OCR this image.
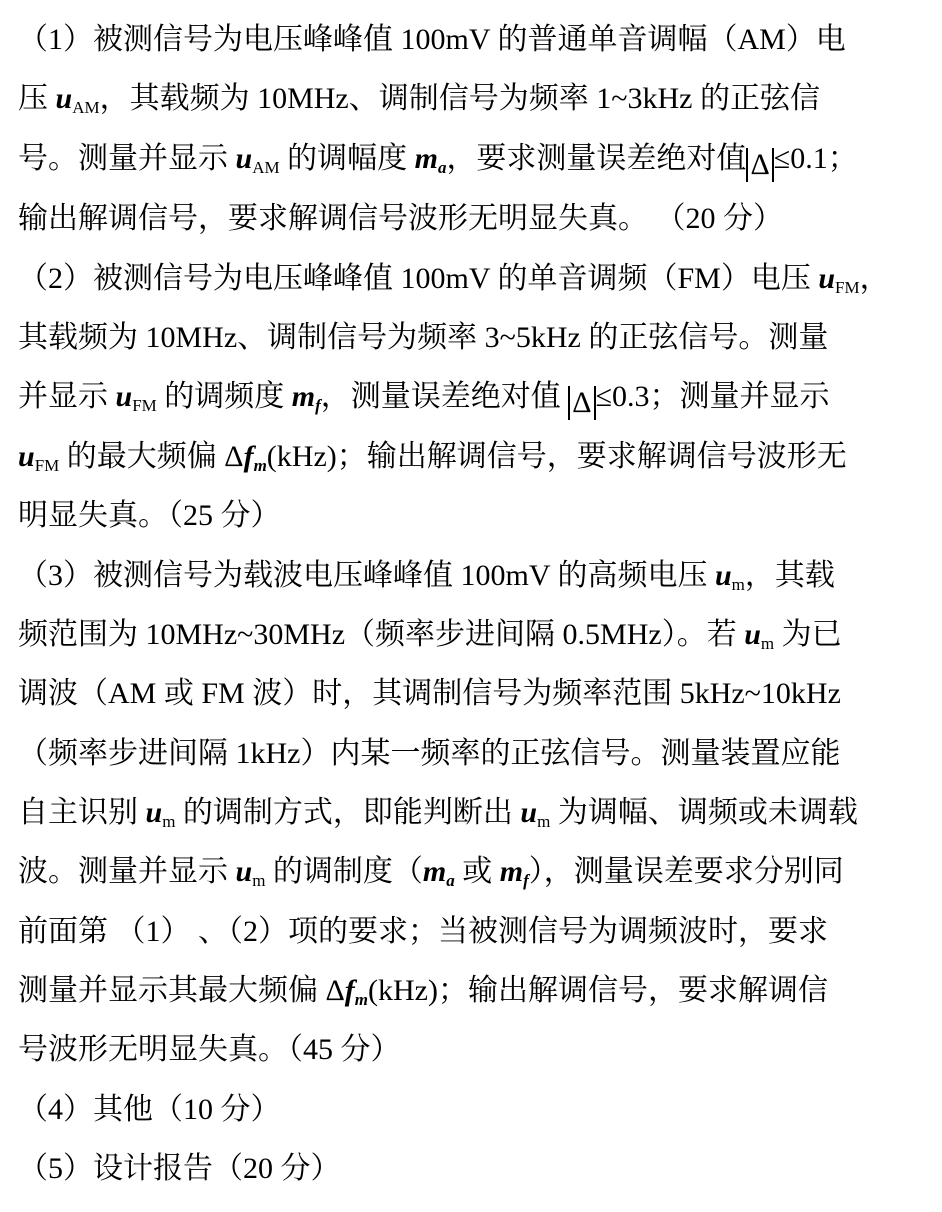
（1）被测信号为电压峰峰值 100mV 的普通单音调幅（AM）电
压 $u_{AM}$，其载频为 10MHz、调制信号为频率 1~3kHz 的正弦信
号。测量并显示 $u_{AM}$ 的调幅度 $m_a$，要求测量误差绝对值 Δ ≤0.1；
输出解调信号，要求解调信号波形无明显失真。 （20 分）
（2）被测信号为电压峰峰值 100mV 的单音调频（FM）电压 $u_{FM}$，
其载频为 10MHz、调制信号为频率 3~5kHz 的正弦信号。测量
并显示 $u_{FM}$ 的调频度 $m_f$，测量误差绝对值 Δ ≤0.3；测量并显示
$u_{FM}$ 的最大频偏 $\Delta f_m(kHz)$；输出解调信号，要求解调信号波形无
明显失真。（25 分）
（3）被测信号为载波电压峰峰值 100mV 的高频电压 $u_m$，其载
频范围为 10MHz~30MHz（频率步进间隔 0.5MHz）。若 $u_m$ 为已
调波（AM 或 FM 波）时，其调制信号为频率范围 5kHz~10kHz
（频率步进间隔 1kHz）内某一频率的正弦信号。测量装置应能
自主识别 $u_m$ 的调制方式，即能判断出 $u_m$ 为调幅、调频或未调载
波。测量并显示 $u_m$ 的调制度（$m_a$ 或 $m_f$），测量误差要求分别同
前面第 （1） 、（2）项的要求；当被测信号为调频波时，要求
测量并显示其最大频偏 $\Delta f_m(kHz)$；输出解调信号，要求解调信
号波形无明显失真。（45 分）
（4）其他（10 分）
（5）设计报告（20 分）
